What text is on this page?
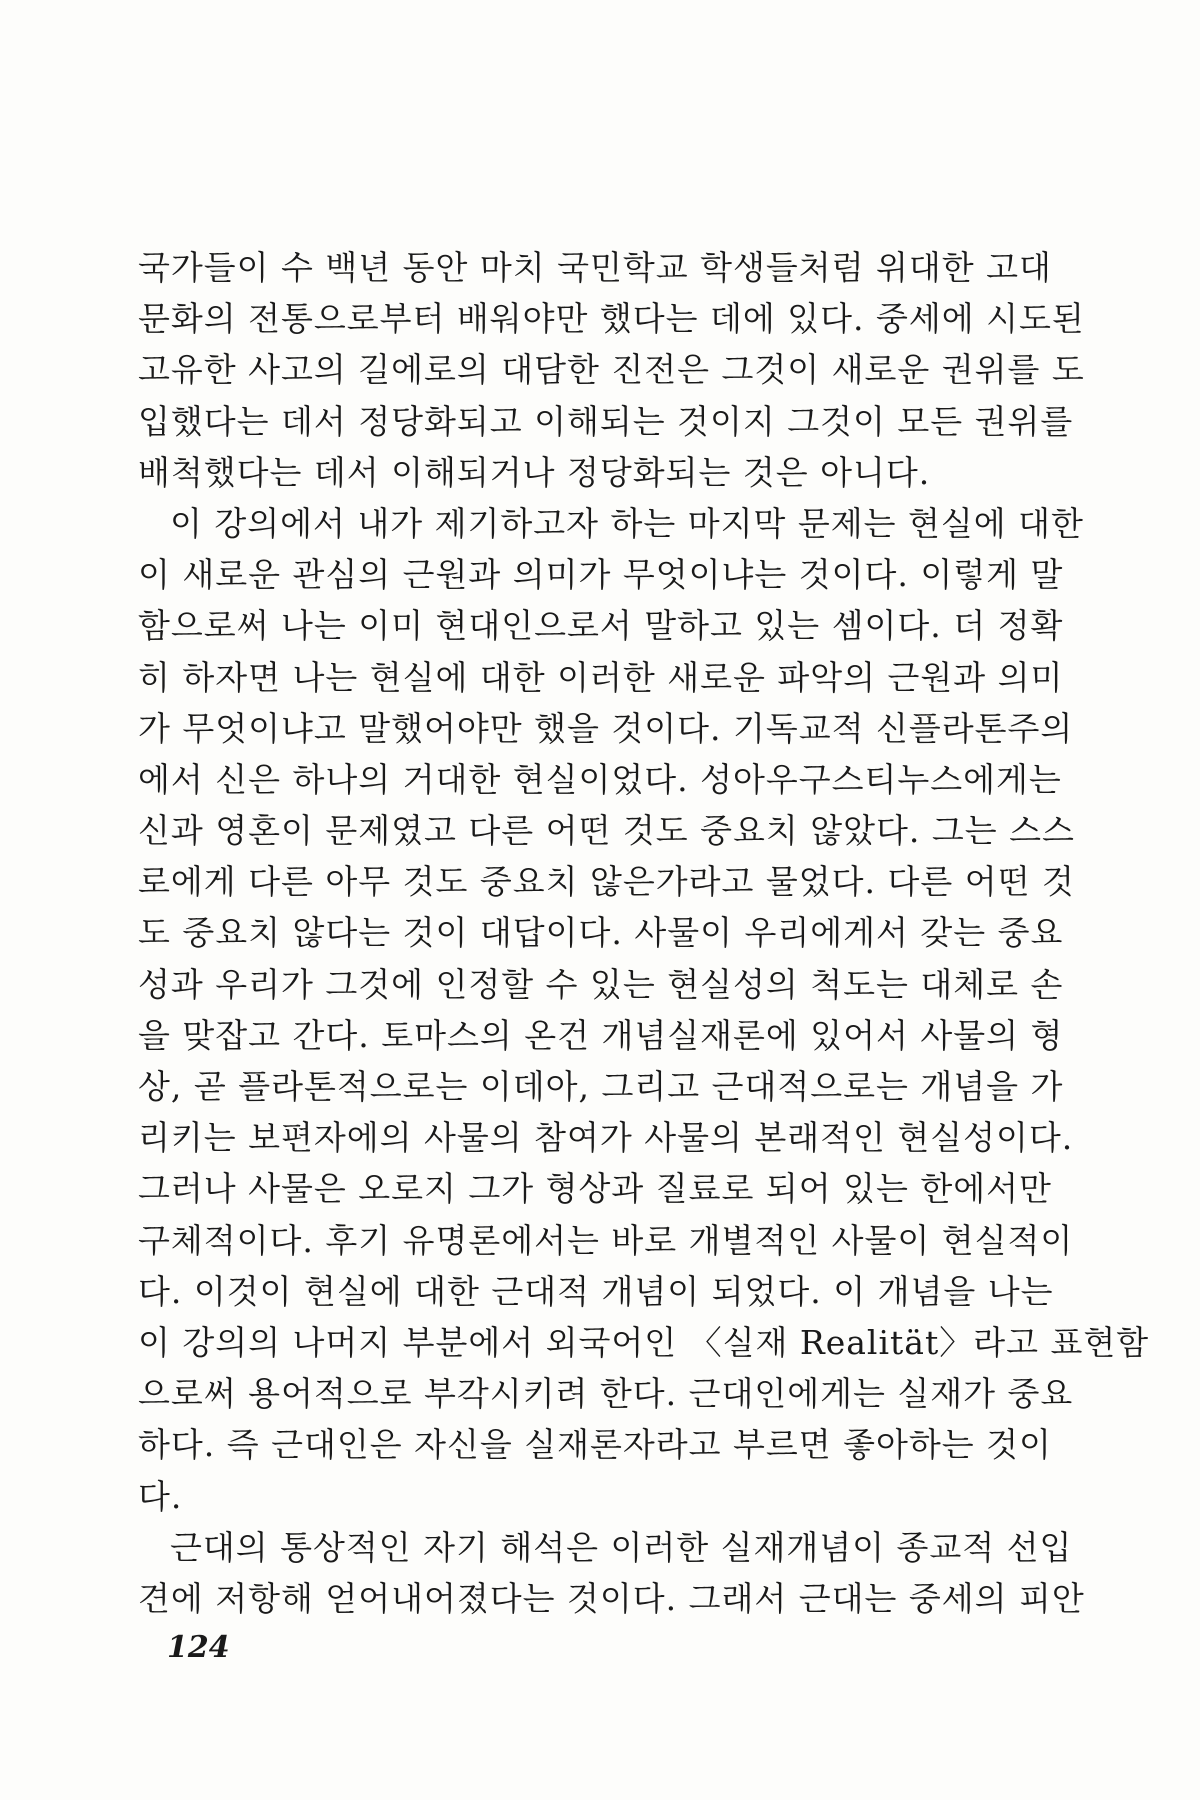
국가들이 수 백년 동안 마치 국민학교 학생들처럼 위대한 고대
문화의 전통으로부터 배워야만 했다는 데에 있다. 중세에 시도된
고유한 사고의 길에로의 대담한 진전은 그것이 새로운 권위를 도
입했다는 데서 정당화되고 이해되는 것이지 그것이 모든 권위를
배척했다는 데서 이해되거나 정당화되는 것은 아니다.
이 강의에서 내가 제기하고자 하는 마지막 문제는 현실에 대한
이 새로운 관심의 근원과 의미가 무엇이냐는 것이다. 이렇게 말
함으로써 나는 이미 현대인으로서 말하고 있는 셈이다. 더 정확
히 하자면 나는 현실에 대한 이러한 새로운 파악의 근원과 의미
가 무엇이냐고 말했어야만 했을 것이다. 기독교적 신플라톤주의
에서 신은 하나의 거대한 현실이었다. 성아우구스티누스에게는
신과 영혼이 문제였고 다른 어떤 것도 중요치 않았다. 그는 스스
로에게 다른 아무 것도 중요치 않은가라고 물었다. 다른 어떤 것
도 중요치 않다는 것이 대답이다. 사물이 우리에게서 갖는 중요
성과 우리가 그것에 인정할 수 있는 현실성의 척도는 대체로 손
을 맞잡고 간다. 토마스의 온건 개념실재론에 있어서 사물의 형
상, 곧 플라톤적으로는 이데아, 그리고 근대적으로는 개념을 가
리키는 보편자에의 사물의 참여가 사물의 본래적인 현실성이다.
그러나 사물은 오로지 그가 형상과 질료로 되어 있는 한에서만
구체적이다. 후기 유명론에서는 바로 개별적인 사물이 현실적이
다. 이것이 현실에 대한 근대적 개념이 되었다. 이 개념을 나는
이 강의의 나머지 부분에서 외국어인 〈실재 Realität〉라고 표현함
으로써 용어적으로 부각시키려 한다. 근대인에게는 실재가 중요
하다. 즉 근대인은 자신을 실재론자라고 부르면 좋아하는 것이
다.
근대의 통상적인 자기 해석은 이러한 실재개념이 종교적 선입
견에 저항해 얻어내어졌다는 것이다. 그래서 근대는 중세의 피안
124
